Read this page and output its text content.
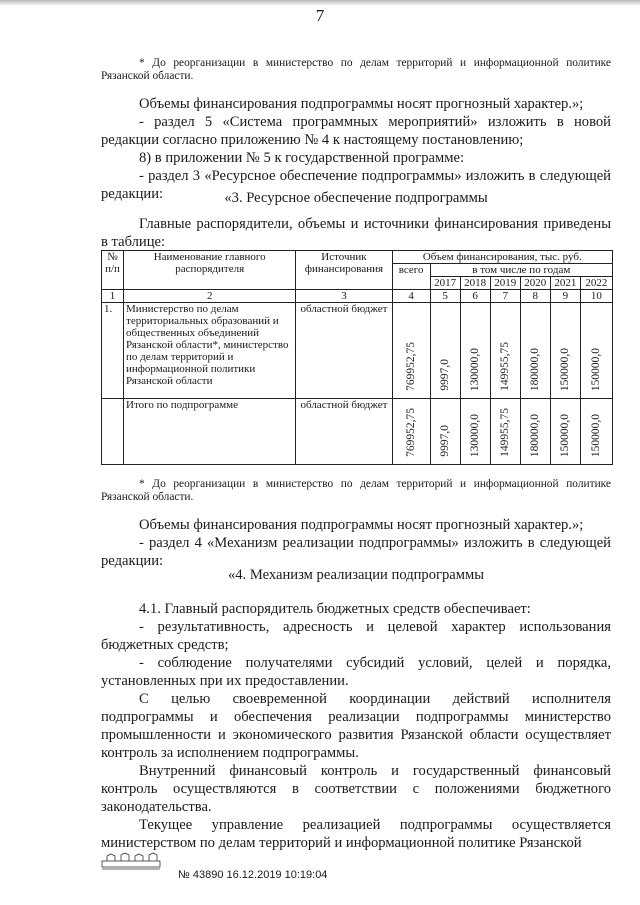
7

* До реорганизации в министерство по делам территорий и информационной политике Рязанской области.

Объемы финансирования подпрограммы носят прогнозный характер.»;

- раздел 5 «Система программных мероприятий» изложить в новой редакции согласно приложению № 4 к настоящему постановлению;

8) в приложении № 5 к государственной программе:

- раздел 3 «Ресурсное обеспечение подпрограммы» изложить в следующей редакции:	«3. Ресурсное обеспечение подпрограммы

Главные распорядители, объемы и источники финансирования приведены в таблице:

№ п/п	Наименование главного распорядителя	Источник финансирования	Объем финансирования, тыс. руб.						
			всего	в том числе по годам					
				2017	2018	2019	2020	2021	2022
1	2	3	4	5	6	7	8	9	10
1.	Министерство по делам территориальных образований и общественных объединений Рязанской области*, министерство по делам территорий и информационной политики Рязанской области	областной бюджет	769952,75	9997,0	130000,0	149955,75	180000,0	150000,0	150000,0
	Итого по подпрограмме	областной бюджет	769952,75	9997,0	130000,0	149955,75	180000,0	150000,0	150000,0

* До реорганизации в министерство по делам территорий и информационной политике Рязанской области.

Объемы финансирования подпрограммы носят прогнозный характер.»;

- раздел 4 «Механизм реализации подпрограммы» изложить в следующей редакции:

«4. Механизм реализации подпрограммы

4.1. Главный распорядитель бюджетных средств обеспечивает:

- результативность, адресность и целевой характер использования бюджетных средств;

- соблюдение получателями субсидий условий, целей и порядка, установленных при их предоставлении.

С целью своевременной координации действий исполнителя подпрограммы и обеспечения реализации подпрограммы министерство промышленности и экономического развития Рязанской области осуществляет контроль за исполнением подпрограммы.

Внутренний финансовый контроль и государственный финансовый контроль осуществляются в соответствии с положениями бюджетного законодательства.

Текущее управление реализацией подпрограммы осуществляется министерством по делам территорий и информационной политике Рязанской

№ 43890 16.12.2019 10:19:04
